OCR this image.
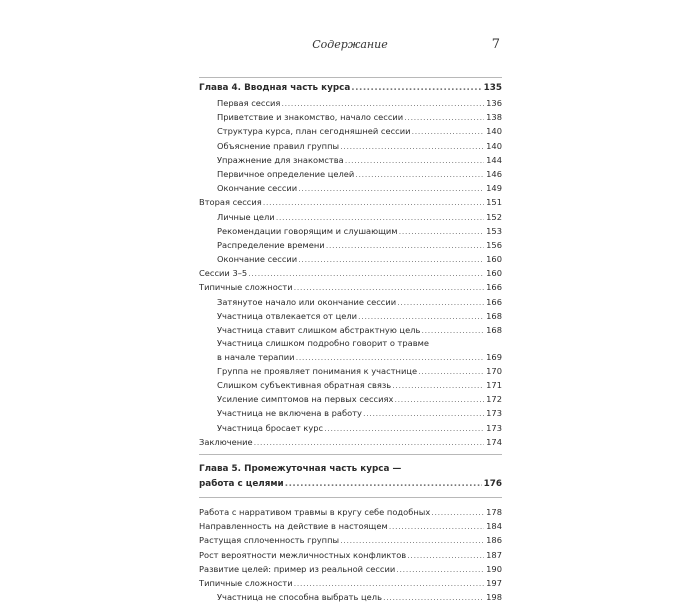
Содержание	7
Глава 4. Вводная часть курса .....	135
Первая сессия .....	136
Приветствие и знакомство, начало сессии .....	138
Структура курса, план сегодняшней сессии .....	140
Объяснение правил группы .....	140
Упражнение для знакомства .....	144
Первичное определение целей .....	146
Окончание сессии .....	149
Вторая сессия .....	151
Личные цели .....	152
Рекомендации говорящим и слушающим .....	153
Распределение времени .....	156
Окончание сессии .....	160
Сессии 3–5 .....	160
Типичные сложности .....	166
Затянутое начало или окончание сессии .....	166
Участница отвлекается от цели .....	168
Участница ставит слишком абстрактную цель .....	168
Участница слишком подробно говорит о травме
в начале терапии .....	169
Группа не проявляет понимания к участнице .....	170
Слишком субъективная обратная связь .....	171
Усиление симптомов на первых сессиях .....	172
Участница не включена в работу .....	173
Участница бросает курс .....	173
Заключение .....	174
Глава 5. Промежуточная часть курса —
работа с целями .....	176
Работа с нарративом травмы в кругу себе подобных .....	178
Направленность на действие в настоящем .....	184
Растущая сплоченность группы .....	186
Рост вероятности межличностных конфликтов .....	187
Развитие целей: пример из реальной сессии .....	190
Типичные сложности .....	197
Участница не способна выбрать цель .....	198
